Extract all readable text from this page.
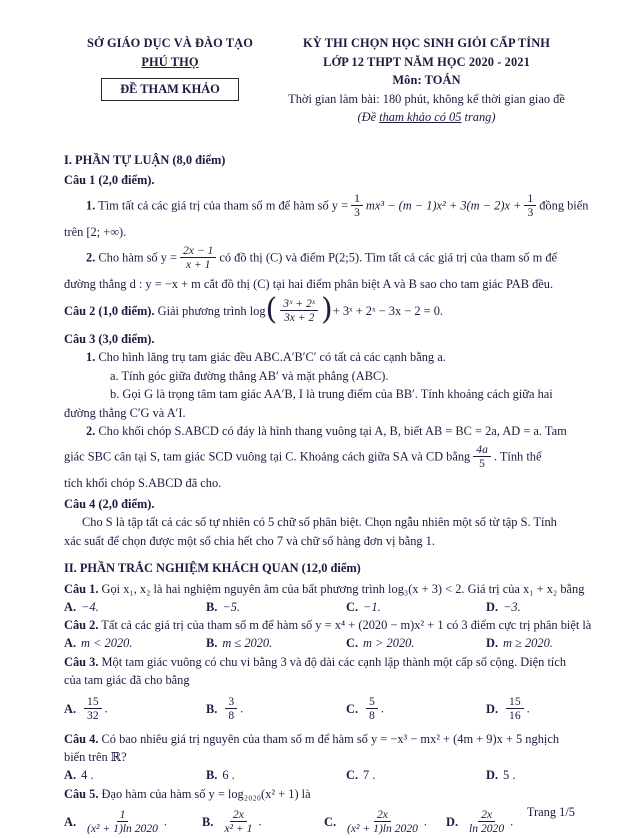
SỞ GIÁO DỤC VÀ ĐÀO TẠO

PHÚ THỌ

ĐỀ THAM KHẢO

KỲ THI CHỌN HỌC SINH GIỎI CẤP TỈNH

LỚP 12 THPT NĂM HỌC 2020 - 2021

Môn: TOÁN

Thời gian làm bài: 180 phút, không kể thời gian giao đề

(Đề tham khảo có 05 trang)

I. PHẦN TỰ LUẬN (8,0 điểm)

Câu 1 (2,0 điểm).

1. Tìm tất cả các giá trị của tham số m để hàm số $y = \frac{1}{3} mx^3 - (m - 1)x^2 + 3(m - 2)x + \frac{1}{3}$ đồng biến

trên [2; +∞).

2. Cho hàm số $y = \frac{2x - 1}{x + 1}$ có đồ thị (C) và điểm P(2;5). Tìm tất cả các giá trị của tham số m để

đường thẳng d : y = −x + m cắt đồ thị (C) tại hai điểm phân biệt A và B sao cho tam giác PAB đều.

Câu 2 (1,0 điểm). Giải phương trình $\log( \frac{\text{3ˣ + 2ˣ}}{3x + 2}$ )+ 3ˣ + 2ˣ − 3x − 2 = 0.

Câu 3 (3,0 điểm).

1. Cho hình lăng trụ tam giác đều ABC.A′B′C′ có tất cả các cạnh bằng a.

a. Tính góc giữa đường thẳng AB′ và mặt phẳng (ABC).

b. Gọi G là trọng tâm tam giác AA′B, I là trung điểm của BB′. Tính khoảng cách giữa hai

đường thẳng C′G và A′I.

2. Cho khối chóp S.ABCD có đáy là hình thang vuông tại A, B, biết AB = BC = 2a, AD = a. Tam

giác SBC cân tại S, tam giác SCD vuông tại C. Khoảng cách giữa SA và CD bằng $\frac{4a}{5}$ . Tính thể

tích khối chóp S.ABCD đã cho.

Câu 4 (2,0 điểm).

Cho S là tập tất cả các số tự nhiên có 5 chữ số phân biệt. Chọn ngẫu nhiên một số từ tập S. Tính

xác suất để chọn được một số chia hết cho 7 và chữ số hàng đơn vị bằng 1.

II. PHẦN TRẮC NGHIỆM KHÁCH QUAN (12,0 điểm)

Câu 1. Gọi x₁, x₂ là hai nghiệm nguyên âm của bất phương trình log₃(x + 3) < 2. Giá trị của x₁ + x₂ bằng

A. −4.	B. −5.	C. −1.	D. −3.

Câu 2. Tất cả các giá trị của tham số m để hàm số y = x⁴ + (2020 − m)x² + 1 có 3 điểm cực trị phân biệt là

A. m < 2020.	B. m ≤ 2020.	C. m > 2020.	D. m ≥ 2020.

Câu 3. Một tam giác vuông có chu vi bằng 3 và độ dài các cạnh lập thành một cấp số cộng. Diện tích

của tam giác đã cho bằng

A. $\frac{15}{32}$ .	B. $\frac{3}{8}$ .	C. $\frac{5}{8}$ .	D. $\frac{15}{16}$ .

Câu 4. Có bao nhiêu giá trị nguyên của tham số m để hàm số y = −x³ − mx² + (4m + 9)x + 5 nghịch

biến trên ℝ?

A. 4 .	B. 6 .	C. 7 .	D. 5 .

Câu 5. Đạo hàm của hàm số y = log₂₀₂₀(x² + 1) là

A. $\frac{1}{\text{(x² + 1)ln 2020}}$ .	B. $\frac{2x}{\text{x² + 1}}$ .	C. $\frac{2x}{\text{(x² + 1)ln 2020}}$ .	D. $\frac{2x}{\ln 2020}$ .
Trang 1/5
